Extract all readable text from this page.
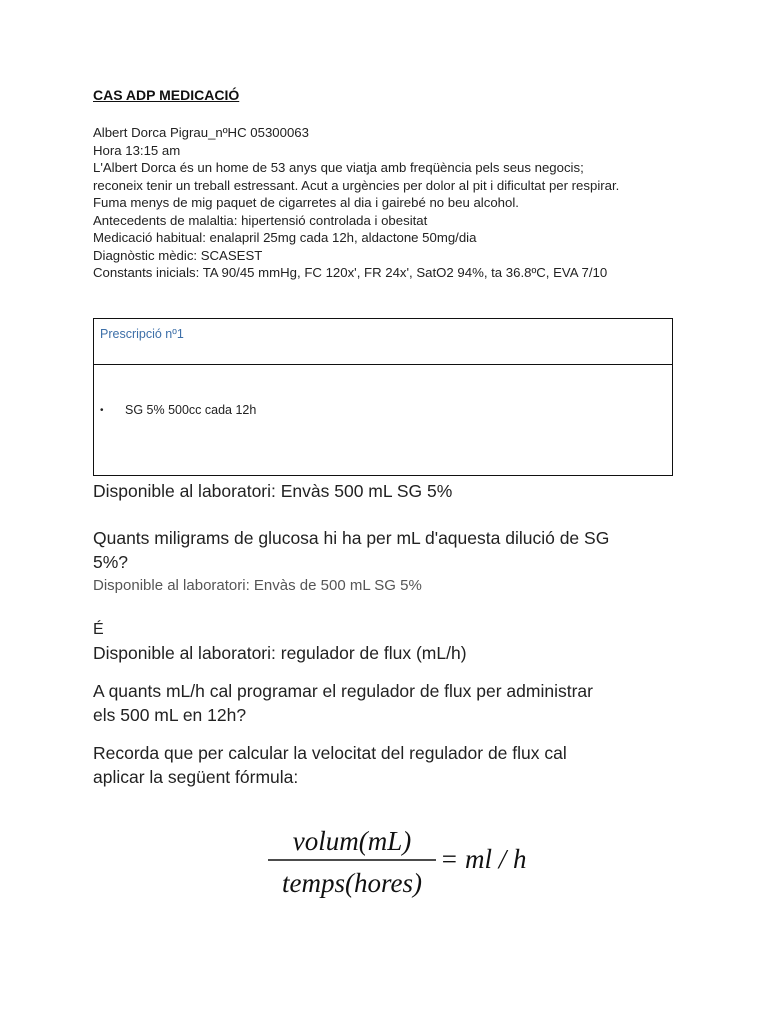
CAS ADP MEDICACIÓ
Albert Dorca Pigrau_nºHC 05300063
Hora 13:15 am
L'Albert Dorca és un home de 53 anys que viatja amb freqüència pels seus negocis;
reconeix tenir un treball estressant. Acut a urgències per dolor al pit i dificultat per respirar.
Fuma menys de mig paquet de cigarretes al dia i gairebé no beu alcohol.
Antecedents de malaltia: hipertensió controlada i obesitat
Medicació habitual: enalapril 25mg cada 12h, aldactone 50mg/dia
Diagnòstic mèdic: SCASEST
Constants inicials: TA 90/45 mmHg, FC 120x', FR 24x', SatO2 94%, ta 36.8ºC, EVA 7/10
Prescripció nº1
•	SG 5% 500cc cada 12h
Disponible al laboratori: Envàs 500 mL SG 5%
Quants miligrams de glucosa hi ha per mL d'aquesta dilució de SG
5%?
Disponible al laboratori: Envàs de 500 mL SG 5%
É
Disponible al laboratori: regulador de flux (mL/h)
A quants mL/h cal programar el regulador de flux per administrar
els 500 mL en 12h?
Recorda que per calcular la velocitat del regulador de flux cal
aplicar la següent fórmula:
volum(mL)
temps(hores)
= ml / h
